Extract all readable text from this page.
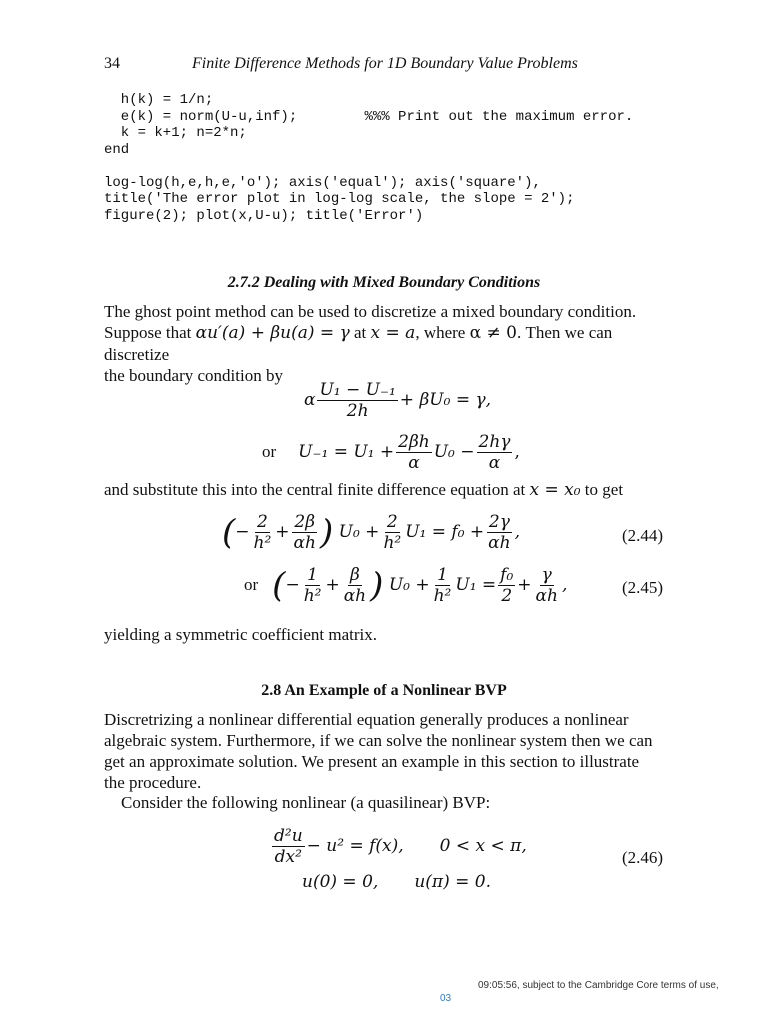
34	Finite Difference Methods for 1D Boundary Value Problems
h(k) = 1/n;
e(k) = norm(U-u,inf);        %%% Print out the maximum error.
k = k+1; n=2*n;
end

log-log(h,e,h,e,'o'); axis('equal'); axis('square'),
title('The error plot in log-log scale, the slope = 2');
figure(2); plot(x,U-u); title('Error')
2.7.2 Dealing with Mixed Boundary Conditions
The ghost point method can be used to discretize a mixed boundary condition.
Suppose that αu′(a) + βu(a) = γ at x = a, where α ≠ 0. Then we can discretize
the boundary condition by
α $\frac{\text{U₁ − U₋₁}}{2h} + \beta U_0 = \gamma$,
or $U_{-1} = U_1 + \frac{2\beta h}{\alpha} U_0 - \frac{2h\gamma}{\alpha}$ ,
and substitute this into the central finite difference equation at x = x₀ to get
(− $\frac{2}{\text{h²}} + \frac{2\beta}{\alpha h}$ ) $U_0 + \frac{2}{\text{h²}} U_1 = f_0 + \frac{2\gamma}{\alpha h}$ ,	(2.44)
or (− $\frac{1}{\text{h²}} + \frac{\beta}{\alpha h}$ ) $U_0 + \frac{1}{\text{h²}} U_1 = \frac{\text{f₀}}{2} + \frac{\gamma}{\alpha h}$ ,	(2.45)
yielding a symmetric coefficient matrix.
2.8 An Example of a Nonlinear BVP
Discretrizing a nonlinear differential equation generally produces a nonlinear
algebraic system. Furthermore, if we can solve the nonlinear system then we can
get an approximate solution. We present an example in this section to illustrate
the procedure.
Consider the following nonlinear (a quasilinear) BVP:
$\frac{\text{d²u}}{\text{dx²}} - u^2 = f(x)$, 0 < x < π,
u(0) = 0, u(π) = 0.
(2.46)
09:05:56, subject to the Cambridge Core terms of use,
03
